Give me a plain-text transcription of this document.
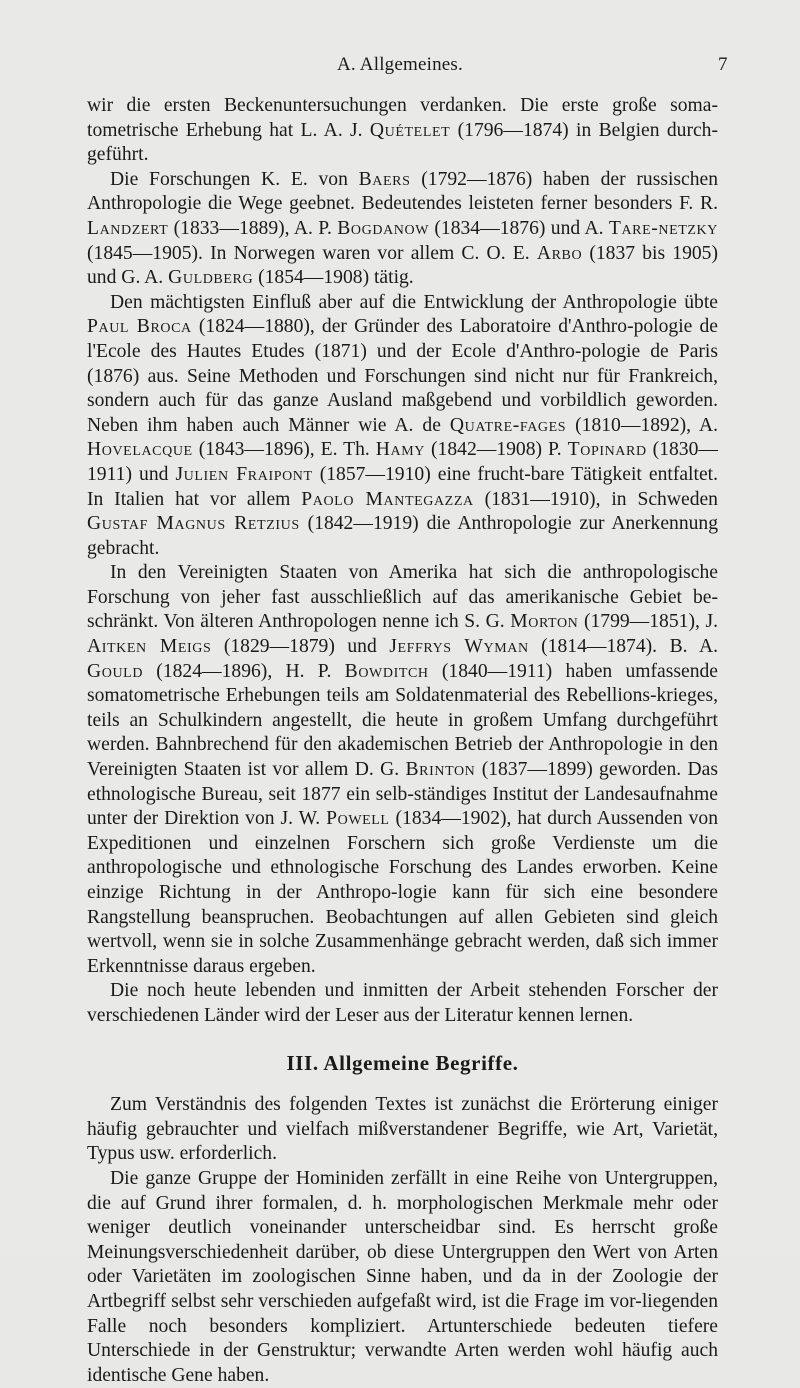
A. Allgemeines.	7

wir die ersten Beckenuntersuchungen verdanken. Die erste große soma-tometrische Erhebung hat L. A. J. Quételet (1796—1874) in Belgien durch-geführt.

Die Forschungen K. E. von Baers (1792—1876) haben der russischen Anthropologie die Wege geebnet. Bedeutendes leisteten ferner besonders F. R. Landzert (1833—1889), A. P. Bogdanow (1834—1876) und A. Tare-netzky (1845—1905). In Norwegen waren vor allem C. O. E. Arbo (1837 bis 1905) und G. A. Guldberg (1854—1908) tätig.

Den mächtigsten Einfluß aber auf die Entwicklung der Anthropologie übte Paul Broca (1824—1880), der Gründer des Laboratoire d'Anthro-pologie de l'Ecole des Hautes Etudes (1871) und der Ecole d'Anthro-pologie de Paris (1876) aus. Seine Methoden und Forschungen sind nicht nur für Frankreich, sondern auch für das ganze Ausland maßgebend und vorbildlich geworden. Neben ihm haben auch Männer wie A. de Quatre-fages (1810—1892), A. Hovelacque (1843—1896), E. Th. Hamy (1842—1908) P. Topinard (1830—1911) und Julien Fraipont (1857—1910) eine frucht-bare Tätigkeit entfaltet. In Italien hat vor allem Paolo Mantegazza (1831—1910), in Schweden Gustaf Magnus Retzius (1842—1919) die Anthropologie zur Anerkennung gebracht.

In den Vereinigten Staaten von Amerika hat sich die anthropologische Forschung von jeher fast ausschließlich auf das amerikanische Gebiet be-schränkt. Von älteren Anthropologen nenne ich S. G. Morton (1799—1851), J. Aitken Meigs (1829—1879) und Jeffrys Wyman (1814—1874). B. A. Gould (1824—1896), H. P. Bowditch (1840—1911) haben umfassende somatometrische Erhebungen teils am Soldatenmaterial des Rebellions-krieges, teils an Schulkindern angestellt, die heute in großem Umfang durchgeführt werden. Bahnbrechend für den akademischen Betrieb der Anthropologie in den Vereinigten Staaten ist vor allem D. G. Brinton (1837—1899) geworden. Das ethnologische Bureau, seit 1877 ein selb-ständiges Institut der Landesaufnahme unter der Direktion von J. W. Powell (1834—1902), hat durch Aussenden von Expeditionen und einzelnen Forschern sich große Verdienste um die anthropologische und ethnologische Forschung des Landes erworben. Keine einzige Richtung in der Anthropo-logie kann für sich eine besondere Rangstellung beanspruchen. Beobachtungen auf allen Gebieten sind gleich wertvoll, wenn sie in solche Zusammenhänge gebracht werden, daß sich immer Erkenntnisse daraus ergeben.

Die noch heute lebenden und inmitten der Arbeit stehenden Forscher der verschiedenen Länder wird der Leser aus der Literatur kennen lernen.

III. Allgemeine Begriffe.

Zum Verständnis des folgenden Textes ist zunächst die Erörterung einiger häufig gebrauchter und vielfach mißverstandener Begriffe, wie Art, Varietät, Typus usw. erforderlich.

Die ganze Gruppe der Hominiden zerfällt in eine Reihe von Untergruppen, die auf Grund ihrer formalen, d. h. morphologischen Merkmale mehr oder weniger deutlich voneinander unterscheidbar sind. Es herrscht große Meinungsverschiedenheit darüber, ob diese Untergruppen den Wert von Arten oder Varietäten im zoologischen Sinne haben, und da in der Zoologie der Artbegriff selbst sehr verschieden aufgefaßt wird, ist die Frage im vor-liegenden Falle noch besonders kompliziert. Artunterschiede bedeuten tiefere Unterschiede in der Genstruktur; verwandte Arten werden wohl häufig auch identische Gene haben.
